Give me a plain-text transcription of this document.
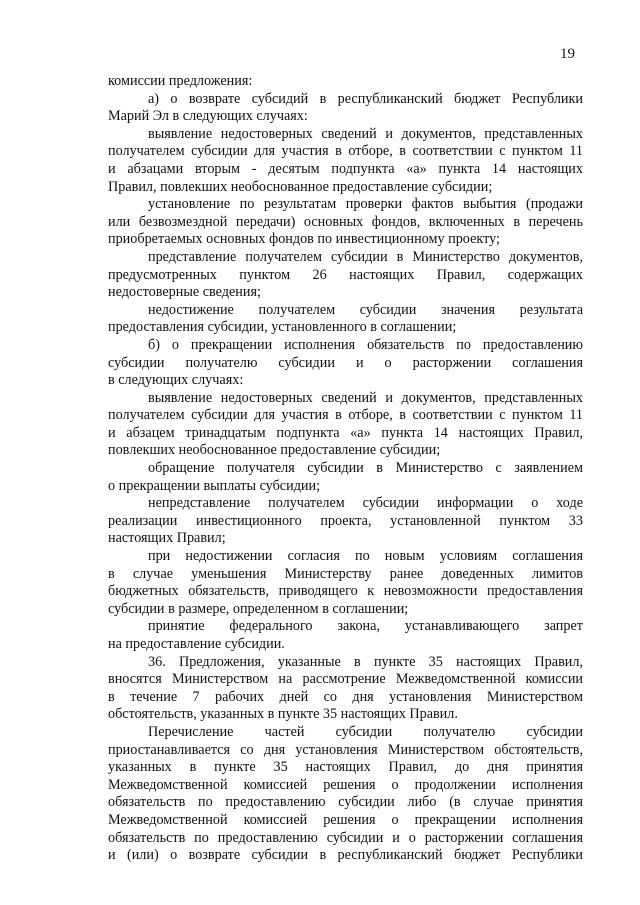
19
комиссии предложения:
а) о возврате субсидий в республиканский бюджет Республики
Марий Эл в следующих случаях:
выявление недостоверных сведений и документов, представленных
получателем субсидии для участия в отборе, в соответствии с пунктом 11
и абзацами вторым - десятым подпункта «а» пункта 14 настоящих
Правил, повлекших необоснованное предоставление субсидии;
установление по результатам проверки фактов выбытия (продажи
или безвозмездной передачи) основных фондов, включенных в перечень
приобретаемых основных фондов по инвестиционному проекту;
представление получателем субсидии в Министерство документов,
предусмотренных пунктом 26 настоящих Правил, содержащих
недостоверные сведения;
недостижение получателем субсидии значения результата
предоставления субсидии, установленного в соглашении;
б) о прекращении исполнения обязательств по предоставлению
субсидии получателю субсидии и о расторжении соглашения
в следующих случаях:
выявление недостоверных сведений и документов, представленных
получателем субсидии для участия в отборе, в соответствии с пунктом 11
и абзацем тринадцатым подпункта «а» пункта 14 настоящих Правил,
повлекших необоснованное предоставление субсидии;
обращение получателя субсидии в Министерство с заявлением
о прекращении выплаты субсидии;
непредставление получателем субсидии информации о ходе
реализации инвестиционного проекта, установленной пунктом 33
настоящих Правил;
при недостижении согласия по новым условиям соглашения
в случае уменьшения Министерству ранее доведенных лимитов
бюджетных обязательств, приводящего к невозможности предоставления
субсидии в размере, определенном в соглашении;
принятие федерального закона, устанавливающего запрет
на предоставление субсидии.
36. Предложения, указанные в пункте 35 настоящих Правил,
вносятся Министерством на рассмотрение Межведомственной комиссии
в течение 7 рабочих дней со дня установления Министерством
обстоятельств, указанных в пункте 35 настоящих Правил.
Перечисление частей субсидии получателю субсидии
приостанавливается со дня установления Министерством обстоятельств,
указанных в пункте 35 настоящих Правил, до дня принятия
Межведомственной комиссией решения о продолжении исполнения
обязательств по предоставлению субсидии либо (в случае принятия
Межведомственной комиссией решения о прекращении исполнения
обязательств по предоставлению субсидии и о расторжении соглашения
и (или) о возврате субсидии в республиканский бюджет Республики
